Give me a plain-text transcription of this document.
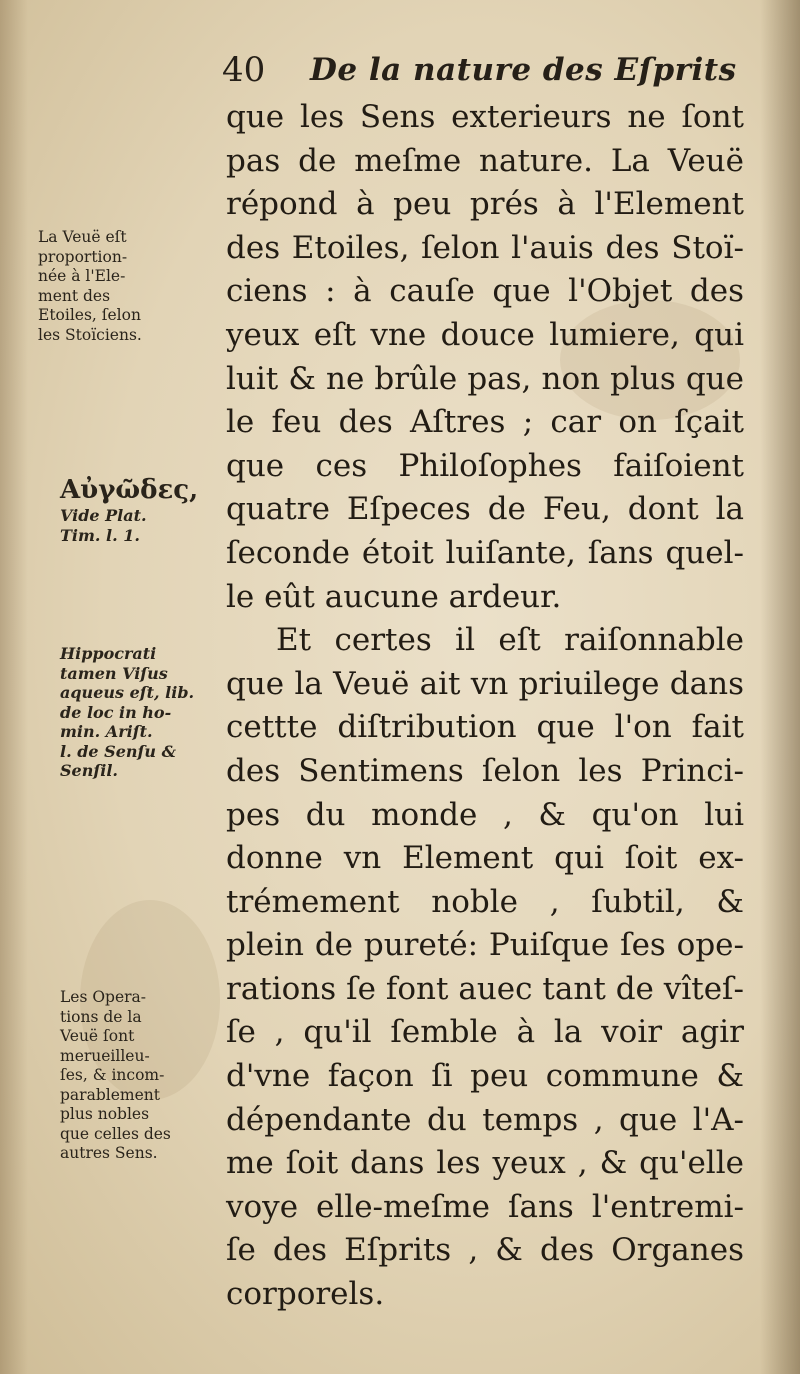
40 De la nature des Eſprits
que les Sens exterieurs ne ſont
pas de meſme nature. La Veuë
répond à peu prés à l'Element
des Etoiles, ſelon l'auis des Stoï-
ciens : à cauſe que l'Objet des
yeux eſt vne douce lumiere, qui
luit & ne brûle pas, non plus que
le feu des Aſtres ; car on ſçait
que ces Philoſophes faiſoient
quatre Eſpeces de Feu, dont la
ſeconde étoit luiſante, ſans quel-
le eût aucune ardeur.
Et certes il eſt raiſonnable
que la Veuë ait vn priuilege dans
cettte diſtribution que l'on fait
des Sentimens ſelon les Princi-
pes du monde , & qu'on lui
donne vn Element qui ſoit ex-
trémement noble , ſubtil, &
plein de pureté: Puiſque ſes ope-
rations ſe font auec tant de vîteſ-
ſe , qu'il ſemble à la voir agir
d'vne façon ſi peu commune &
dépendante du temps , que l'A-
me ſoit dans les yeux , & qu'elle
voye elle-meſme ſans l'entremi-
ſe des Eſprits , & des Organes
corporels.
La Veuë eſt
proportion-
née à l'Ele-
ment des
Etoiles, ſelon
les Stoïciens.
Αὐγῶδες,
Vide Plat.
Tim. l. 1.
Hippocrati
tamen Viſus
aqueus eſt, lib.
de loc in ho-
min. Ariſt.
l. de Senſu &
Senſil.
Les Opera-
tions de la
Veuë ſont
merueilleu-
ſes, & incom-
parablement
plus nobles
que celles des
autres Sens.
